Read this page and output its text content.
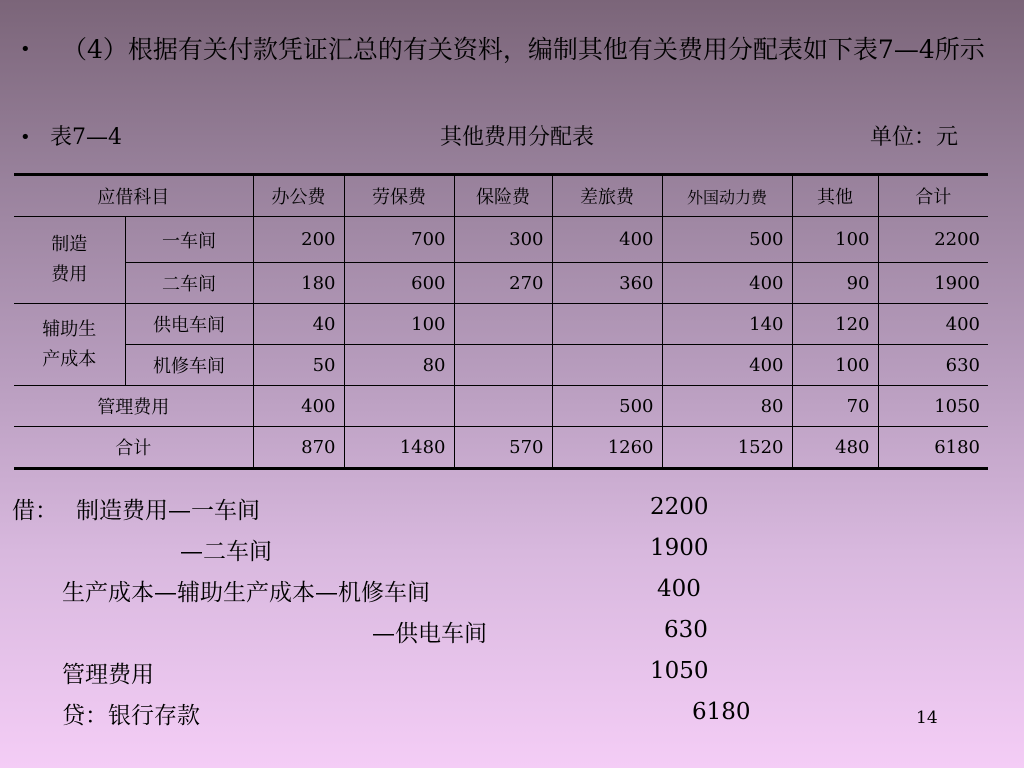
• （4）根据有关付款凭证汇总的有关资料，编制其他有关费用分配表如下表7—4所示
• 表7—4	其他费用分配表	单位：元
应借科目		办公费	劳保费	保险费	差旅费	外国动力费	其他	合计

制造
费用	一车间	200	700	300	400	500	100	2200
	二车间	180	600	270	360	400	90	1900

辅助生
产成本	供电车间	40	100			140	120	400
	机修车间	50	80			400	100	630
管理费用		400			500	80	70	1050
合计		870	1480	570	1260	1520	480	6180
借： 制造费用—一车间	2200
—二车间	1900
生产成本—辅助生产成本—机修车间	400
—供电车间	630
管理费用	1050
贷：银行存款	6180	14
